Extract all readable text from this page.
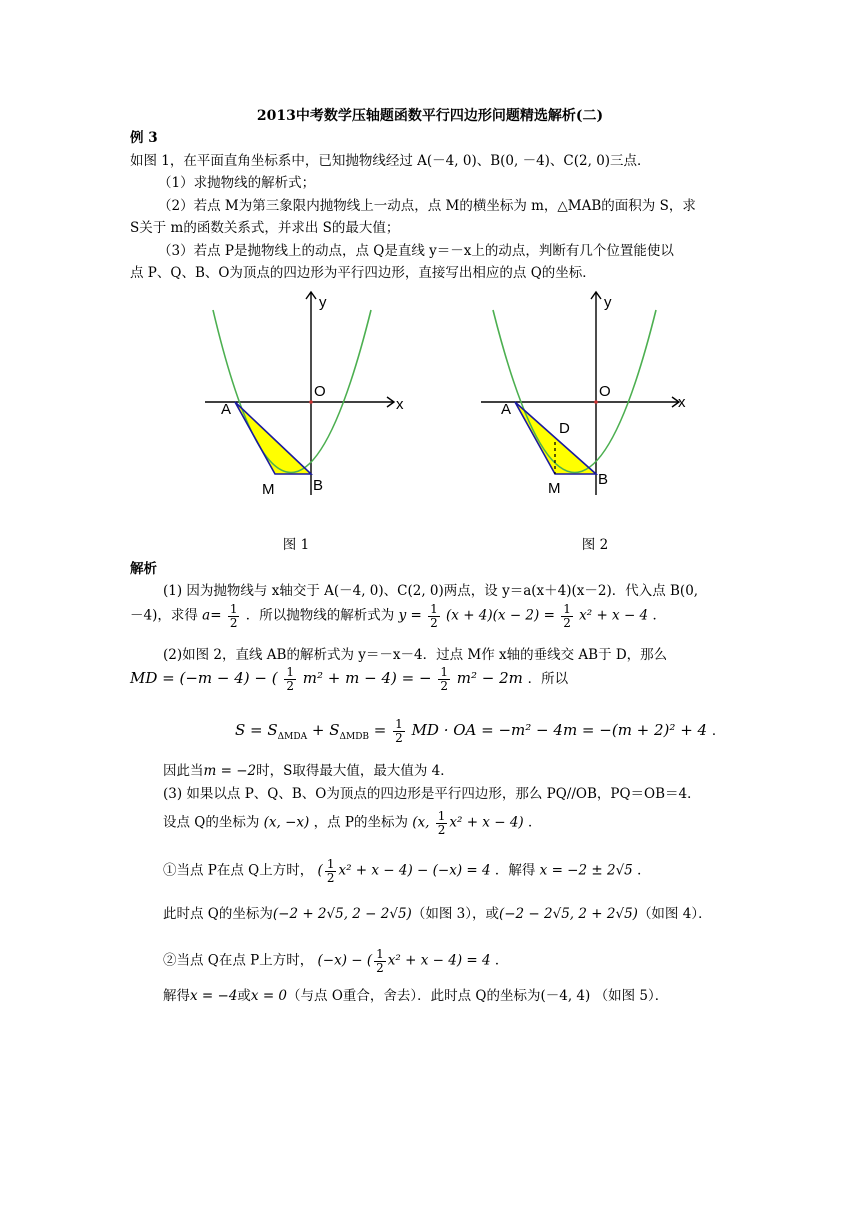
2013中考数学压轴题函数平行四边形问题精选解析(二)
例 3
如图 1，在平面直角坐标系中，已知抛物线经过 A(－4, 0)、B(0, －4)、C(2, 0)三点．
（1）求抛物线的解析式；
（2）若点 M为第三象限内抛物线上一动点，点 M的横坐标为 m，△MAB的面积为 S，求
S关于 m的函数关系式，并求出 S的最大值；
（3）若点 P是抛物线上的动点，点 Q是直线 y＝－x上的动点，判断有几个位置能使以
点 P、Q、B、O为顶点的四边形为平行四边形，直接写出相应的点 Q的坐标．
y
x
O
A
M	B
图 1
y
x
O
A
D
M
B
图 2
解析
(1) 因为抛物线与 x轴交于 A(－4, 0)、C(2, 0)两点，设 y＝a(x＋4)(x－2)．代入点 B(0,
－4)，求得 $a= \frac{1}{2}$ ．所以抛物线的解析式为 $y = \frac{1}{2} (x + 4)(x - 2) = \frac{1}{2} x^2 + x - 4$ ．
(2)如图 2，直线 AB的解析式为 y＝－x－4．过点 M作 x轴的垂线交 AB于 D，那么
MD = (−m − 4) − ( $\frac{1}{2} m^2 + m - 4$) = − $\frac{1}{2} m^2 - 2m$ ．所以
$S = S_{\Delta MDA} + S_{\Delta MDB} = \frac{1}{2}$ MD · OA = −m² − 4m = −(m + 2)² + 4 ．
因此当m = −2时，S取得最大值，最大值为 4．
(3) 如果以点 P、Q、B、O为顶点的四边形是平行四边形，那么 PQ//OB，PQ＝OB＝4．
设点 Q的坐标为 (x, −x) ，点 P的坐标为 (x, $\frac{1}{2} x^2 + x - 4$) ．
①当点 P在点 Q上方时， ( $\frac{1}{2} x^2 + x - 4) - (-x) = 4$ ．解得 x = −2 ± 2√5 ．
此时点 Q的坐标为(−2 + 2√5, 2 − 2√5)（如图 3），或(−2 − 2√5, 2 + 2√5)（如图 4）．
②当点 Q在点 P上方时， (−x) − ( $\frac{1}{2} x^2 + x - 4) = 4$ ．
解得x = −4或x = 0（与点 O重合，舍去）．此时点 Q的坐标为(－4, 4) （如图 5）．
